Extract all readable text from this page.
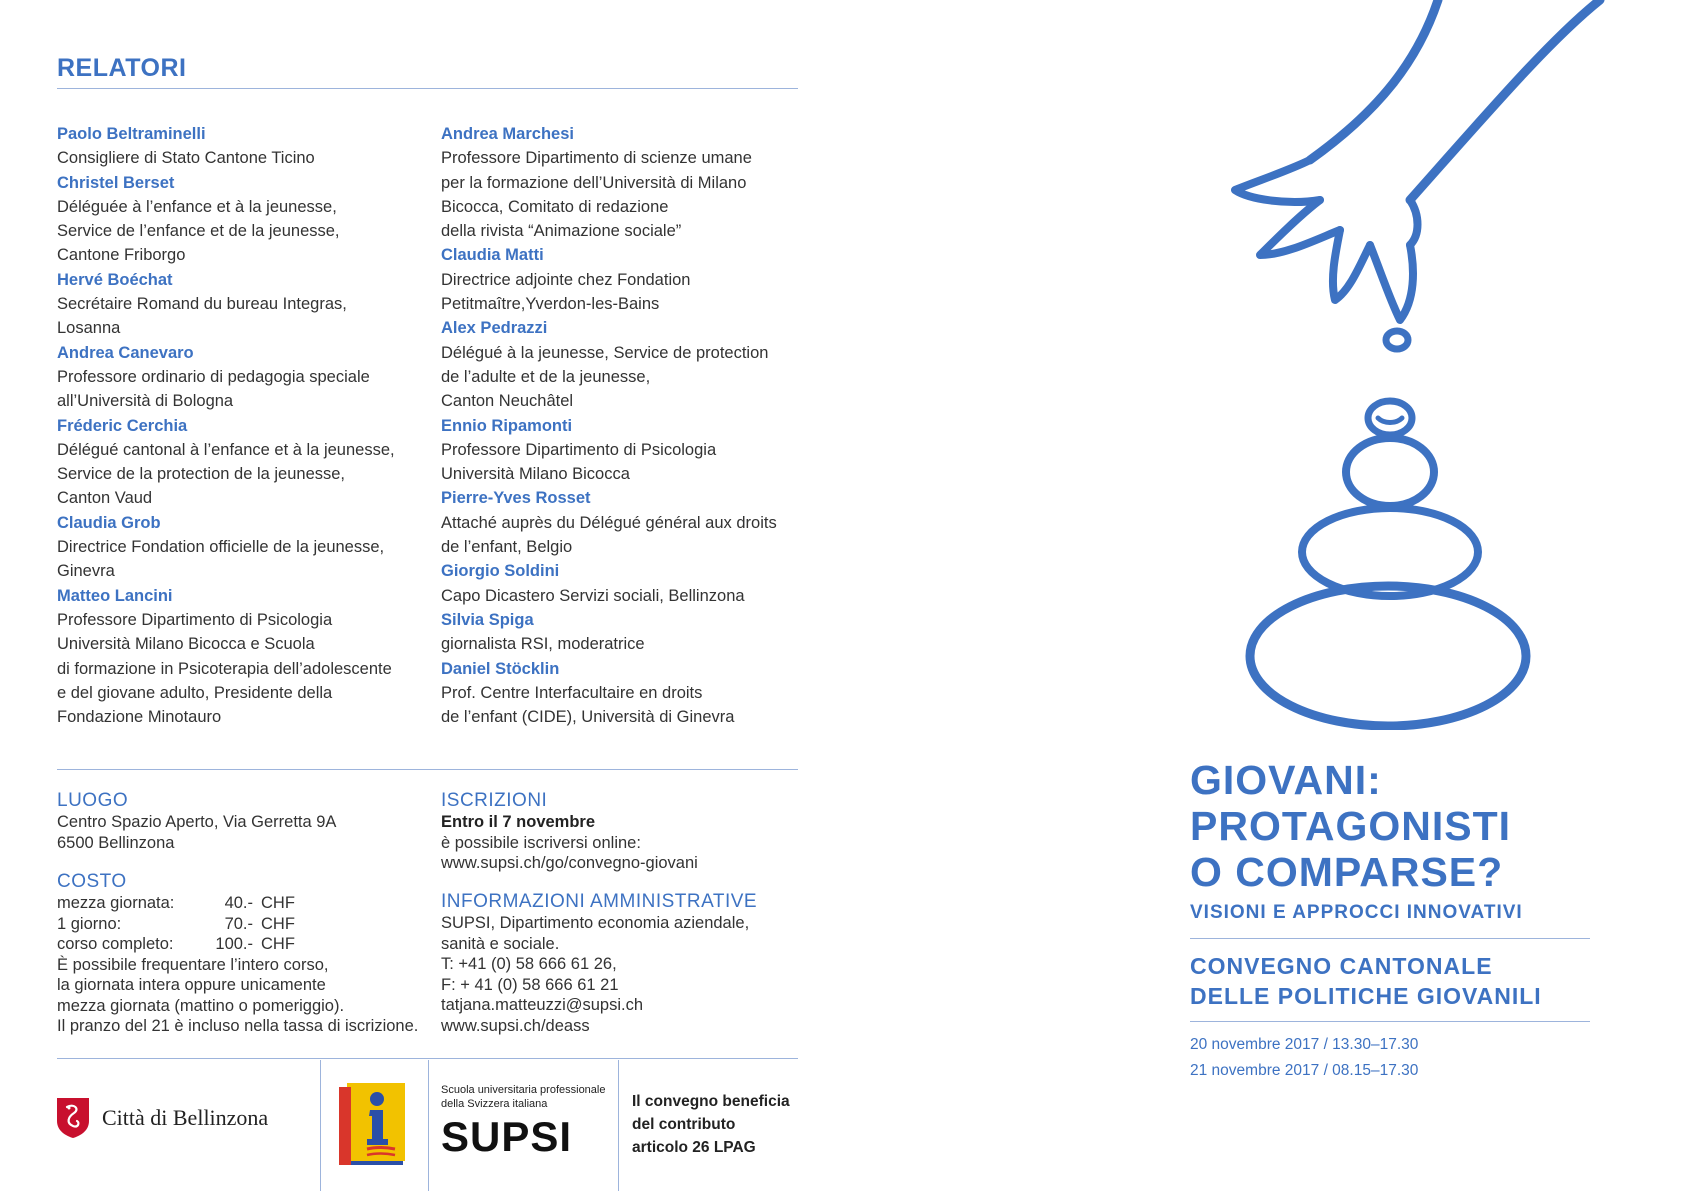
RELATORI
Paolo Beltraminelli
Consigliere di Stato Cantone Ticino
Christel Berset
Déléguée à l’enfance et à la jeunesse,
Service de l’enfance et de la jeunesse,
Cantone Friborgo
Hervé Boéchat
Secrétaire Romand du bureau Integras,
Losanna
Andrea Canevaro
Professore ordinario di pedagogia speciale
all’Università di Bologna
Fréderic Cerchia
Délégué cantonal à l’enfance et à la jeunesse,
Service de la protection de la jeunesse,
Canton Vaud
Claudia Grob
Directrice Fondation officielle de la jeunesse,
Ginevra
Matteo Lancini
Professore Dipartimento di Psicologia
Università Milano Bicocca e Scuola
di formazione in Psicoterapia dell’adolescente
e del giovane adulto, Presidente della
Fondazione Minotauro
Andrea Marchesi
Professore Dipartimento di scienze umane
per la formazione dell’Università di Milano
Bicocca, Comitato di redazione
della rivista “Animazione sociale”
Claudia Matti
Directrice adjointe chez Fondation
Petitmaître,Yverdon-les-Bains
Alex Pedrazzi
Délégué à la jeunesse, Service de protection
de l’adulte et de la jeunesse,
Canton Neuchâtel
Ennio Ripamonti
Professore Dipartimento di Psicologia
Università Milano Bicocca
Pierre-Yves Rosset
Attaché auprès du Délégué général aux droits
de l’enfant, Belgio
Giorgio Soldini
Capo Dicastero Servizi sociali, Bellinzona
Silvia Spiga
giornalista RSI, moderatrice
Daniel Stöcklin
Prof. Centre Interfacultaire en droits
de l’enfant (CIDE), Università di Ginevra
LUOGO
Centro Spazio Aperto, Via Gerretta 9A
6500 Bellinzona
COSTO
mezza giornata:	40.- CHF
1 giorno:	70.- CHF
corso completo:	100.- CHF
È possibile frequentare l’intero corso,
la giornata intera oppure unicamente
mezza giornata (mattino o pomeriggio).
Il pranzo del 21 è incluso nella tassa di iscrizione.
ISCRIZIONI
Entro il 7 novembre
è possibile iscriversi online:
www.supsi.ch/go/convegno-giovani
INFORMAZIONI AMMINISTRATIVE
SUPSI, Dipartimento economia aziendale,
sanità e sociale.
T: +41 (0) 58 666 61 26,
F: + 41 (0) 58 666 61 21
tatjana.matteuzzi@supsi.ch
www.supsi.ch/deass
Città di Bellinzona
Scuola universitaria professionale
della Svizzera italiana
SUPSI
Il convegno beneficia
del contributo
articolo 26 LPAG
GIOVANI:
PROTAGONISTI
O COMPARSE?
VISIONI E APPROCCI INNOVATIVI
CONVEGNO CANTONALE
DELLE POLITICHE GIOVANILI
20 novembre 2017 / 13.30–17.30
21 novembre 2017 / 08.15–17.30
